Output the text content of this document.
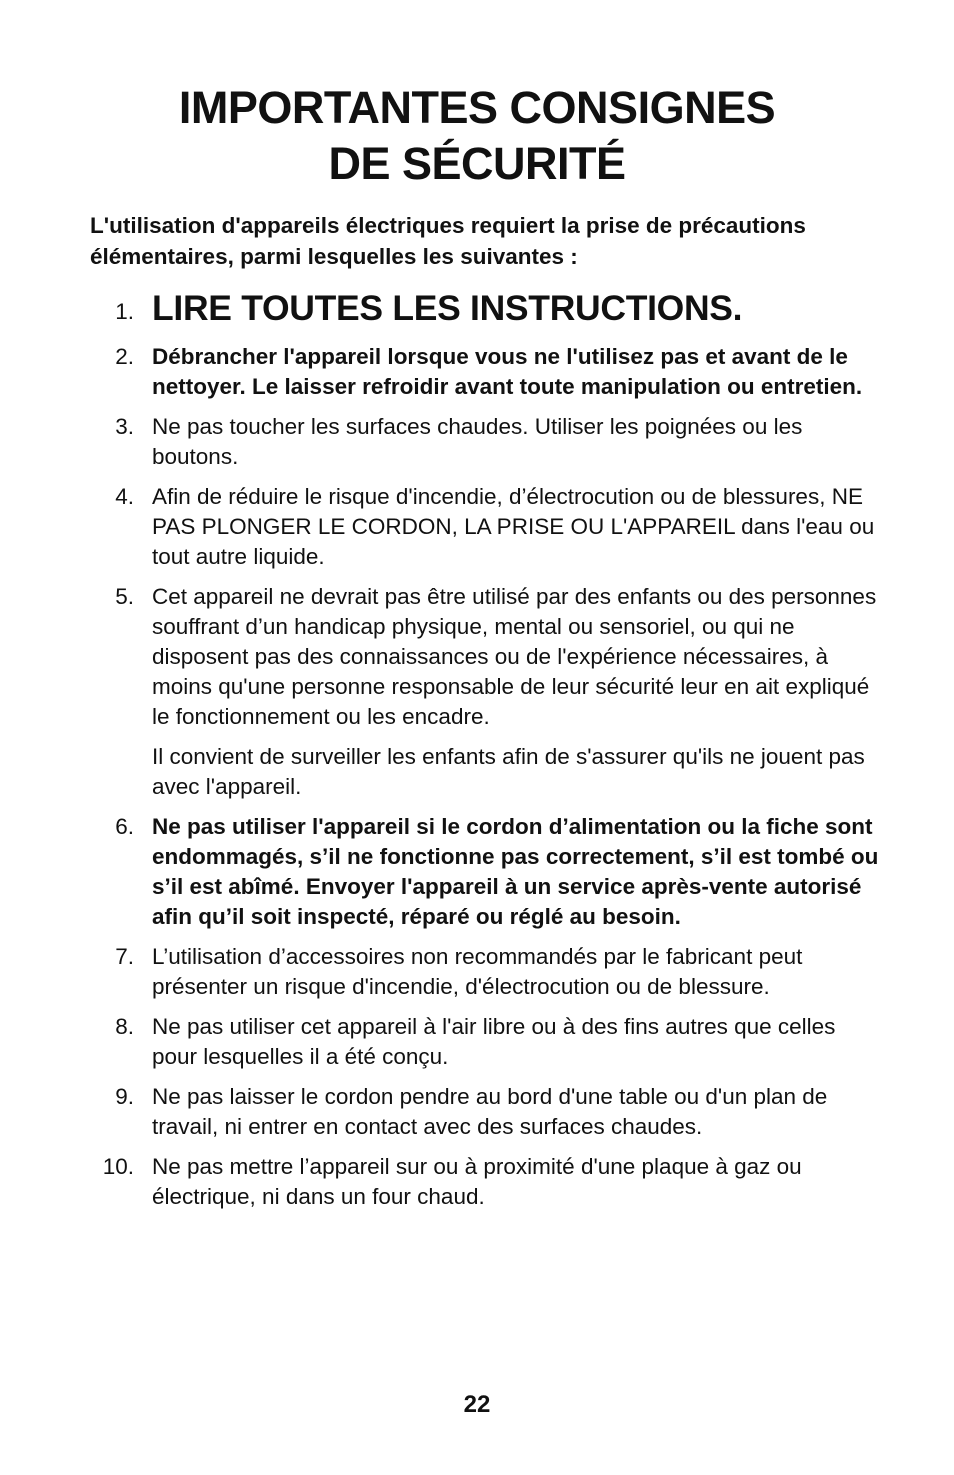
IMPORTANTES CONSIGNES
DE SÉCURITÉ

L'utilisation d'appareils électriques requiert la prise de précautions élémentaires, parmi lesquelles les suivantes :

1. LIRE TOUTES LES INSTRUCTIONS.

2. Débrancher l'appareil lorsque vous ne l'utilisez pas et avant de le nettoyer. Le laisser refroidir avant toute manipulation ou entretien.

3. Ne pas toucher les surfaces chaudes. Utiliser les poignées ou les boutons.

4. Afin de réduire le risque d'incendie, d’électrocution ou de blessures, NE PAS PLONGER LE CORDON, LA PRISE OU L'APPAREIL dans l'eau ou tout autre liquide.

5. Cet appareil ne devrait pas être utilisé par des enfants ou des personnes souffrant d’un handicap physique, mental ou sensoriel, ou qui ne disposent pas des connaissances ou de l'expérience nécessaires, à moins qu'une personne responsable de leur sécurité leur en ait expliqué le fonctionnement ou les encadre.

Il convient de surveiller les enfants afin de s'assurer qu'ils ne jouent pas avec l'appareil.

6. Ne pas utiliser l'appareil si le cordon d’alimentation ou la fiche sont endommagés, s’il ne fonctionne pas correctement, s’il est tombé ou s’il est abîmé. Envoyer l'appareil à un service après-vente autorisé afin qu’il soit inspecté, réparé ou réglé au besoin.

7. L’utilisation d’accessoires non recommandés par le fabricant peut présenter un risque d'incendie, d'électrocution ou de blessure.

8. Ne pas utiliser cet appareil à l'air libre ou à des fins autres que celles pour lesquelles il a été conçu.

9. Ne pas laisser le cordon pendre au bord d'une table ou d'un plan de travail, ni entrer en contact avec des surfaces chaudes.

10. Ne pas mettre l’appareil sur ou à proximité d'une plaque à gaz ou électrique, ni dans un four chaud.

22
